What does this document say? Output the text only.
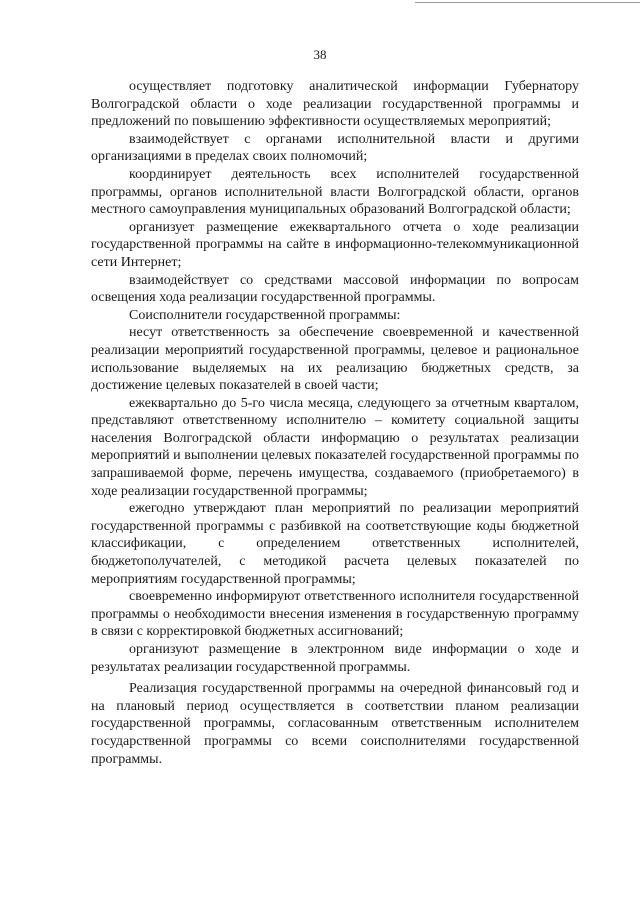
38

осуществляет подготовку аналитической информации Губернатору Волгоградской области о ходе реализации государственной программы и предложений по повышению эффективности осуществляемых мероприятий;

взаимодействует с органами исполнительной власти и другими организациями в пределах своих полномочий;

координирует деятельность всех исполнителей государственной программы, органов исполнительной власти Волгоградской области, органов местного самоуправления муниципальных образований Волгоградской области;

организует размещение ежеквартального отчета о ходе реализации государственной программы на сайте в информационно-телекоммуникационной сети Интернет;

взаимодействует со средствами массовой информации по вопросам освещения хода реализации государственной программы.

Соисполнители государственной программы:

несут ответственность за обеспечение своевременной и качественной реализации мероприятий государственной программы, целевое и рациональное использование выделяемых на их реализацию бюджетных средств, за достижение целевых показателей в своей части;

ежеквартально до 5-го числа месяца, следующего за отчетным кварталом, представляют ответственному исполнителю – комитету социальной защиты населения Волгоградской области информацию о результатах реализации мероприятий и выполнении целевых показателей государственной программы по запрашиваемой форме, перечень имущества, создаваемого (приобретаемого) в ходе реализации государственной программы;

ежегодно утверждают план мероприятий по реализации мероприятий государственной программы с разбивкой на соответствующие коды бюджетной классификации, с определением ответственных исполнителей, бюджетополучателей, с методикой расчета целевых показателей по мероприятиям государственной программы;

своевременно информируют ответственного исполнителя государственной программы о необходимости внесения изменения в государственную программу в связи с корректировкой бюджетных ассигнований;

организуют размещение в электронном виде информации о ходе и результатах реализации государственной программы.

Реализация государственной программы на очередной финансовый год и на плановый период осуществляется в соответствии планом реализации государственной программы, согласованным ответственным исполнителем государственной программы со всеми соисполнителями государственной программы.
